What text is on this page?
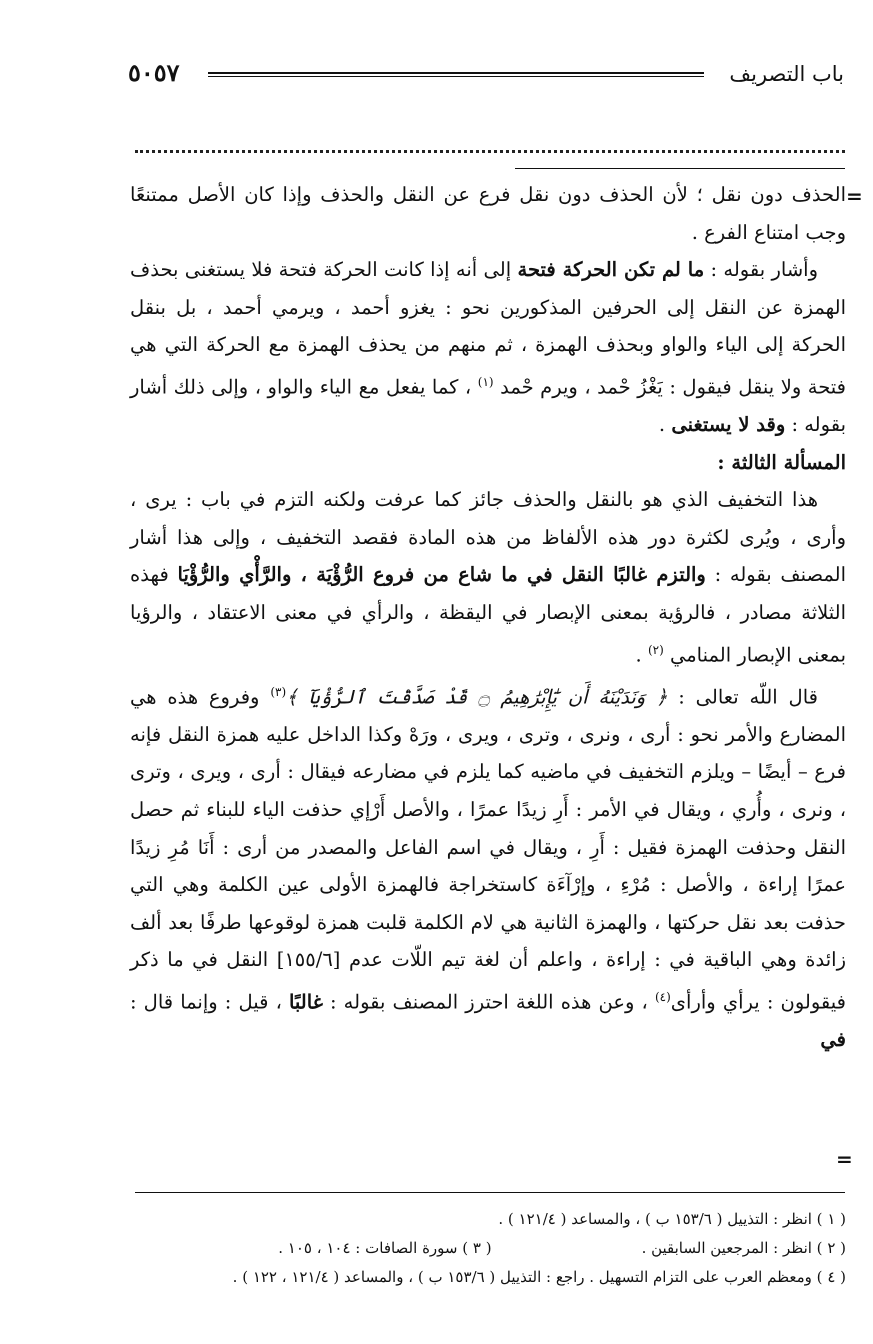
باب التصريف
٥٠٥٧
=

الحذف دون نقل ؛ لأن الحذف دون نقل فرع عن النقل والحذف وإذا كان الأصل ممتنعًا وجب امتناع الفرع .

وأشار بقوله : ما لم تكن الحركة فتحة إلى أنه إذا كانت الحركة فتحة فلا يستغنى بحذف الهمزة عن النقل إلى الحرفين المذكورين نحو : يغزو أحمد ، ويرمي أحمد ، بل بنقل الحركة إلى الياء والواو وبحذف الهمزة ، ثم منهم من يحذف الهمزة مع الحركة التي هي فتحة ولا ينقل فيقول : يَغْزُ حْمد ، ويرم حْمد $^{(١)}$ ، كما يفعل مع الياء والواو ، وإلى ذلك أشار بقوله : وقد لا يستغنى .

المسألة الثالثة :

هذا التخفيف الذي هو بالنقل والحذف جائز كما عرفت ولكنه التزم في باب : يرى ، وأرى ، ويُرى لكثرة دور هذه الألفاظ من هذه المادة فقصد التخفيف ، وإلى هذا أشار المصنف بقوله : والتزم غالبًا النقل في ما شاع من فروع الرُّؤْيَة ، والرَّأْي والرُّؤْيَا فهذه الثلاثة مصادر ، فالرؤية بمعنى الإبصار في اليقظة ، والرأي في معنى الاعتقاد ، والرؤيا بمعنى الإبصار المنامي $^{(٢)}$ .

قال اللّه تعالى : ﴿ وَنَدَيْنَهُ أَن يَٰٓإِبْرَٰهِيمُ ۝ قَدْ صَدَّقْتَ ٱلرُّؤْيَآ ﴾$^{(٣)}$ وفروع هذه هي المضارع والأمر نحو : أرى ، ونرى ، وترى ، ويرى ، ورَهْ وكذا الداخل عليه همزة النقل فإنه فرع – أيضًا – ويلزم التخفيف في ماضيه كما يلزم في مضارعه فيقال : أرى ، ويرى ، وترى ، ونرى ، وأُري ، ويقال في الأمر : أَرِ زيدًا عمرًا ، والأصل أَرْإي حذفت الياء للبناء ثم حصل النقل وحذفت الهمزة فقيل : أَرِ ، ويقال في اسم الفاعل والمصدر من أرى : أَنَا مُرِ زيدًا عمرًا إراءة ، والأصل : مُرْءِ ، وإرْآءَة كاستخراجة فالهمزة الأولى عين الكلمة وهي التي حذفت بعد نقل حركتها ، والهمزة الثانية هي لام الكلمة قلبت همزة لوقوعها طرفًا بعد ألف زائدة وهي الباقية في : إراءة ، واعلم أن لغة تيم اللّات عدم [١٥٥/٦] النقل في ما ذكر فيقولون : يرأي وأرأى$^{(٤)}$ ، وعن هذه اللغة احترز المصنف بقوله : غالبًا ، قيل : وإنما قال : في

=
( ١ ) انظر : التذييل ( ١٥٣/٦ ب ) ، والمساعد ( ١٢١/٤ ) .
( ٢ ) انظر : المرجعين السابقين .
( ٣ ) سورة الصافات : ١٠٤ ، ١٠٥ .
( ٤ ) ومعظم العرب على التزام التسهيل . راجع : التذييل ( ١٥٣/٦ ب ) ، والمساعد ( ١٢١/٤ ، ١٢٢ ) .
